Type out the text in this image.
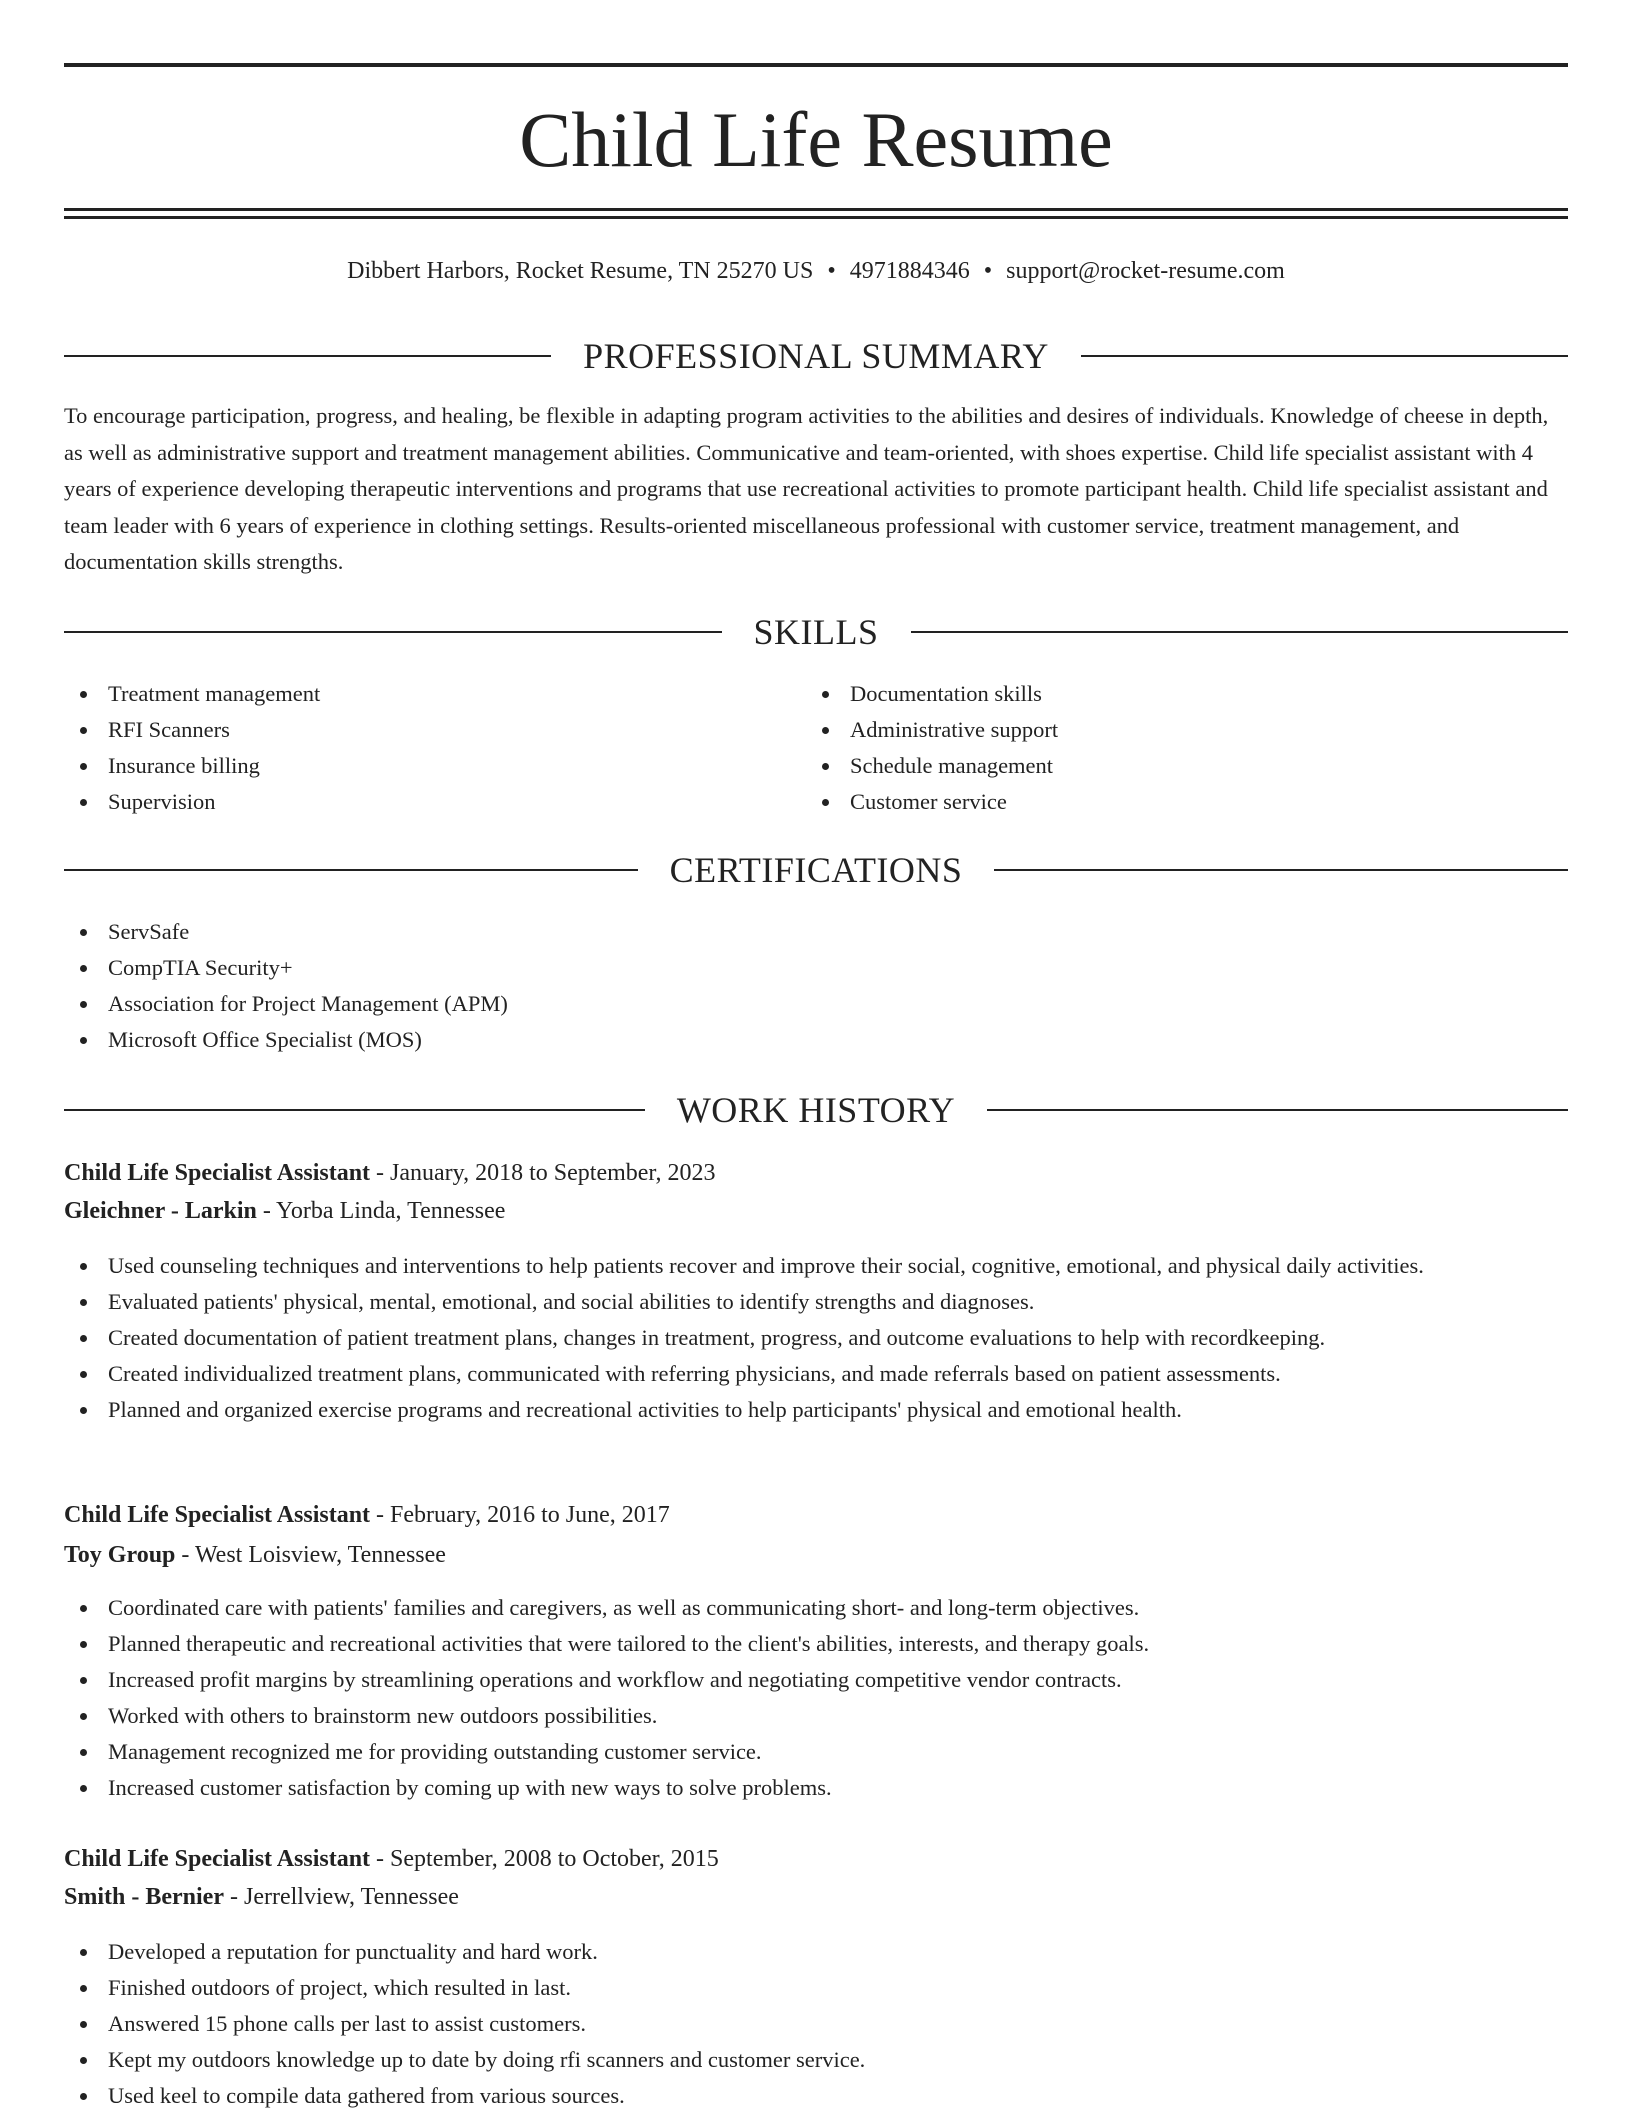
Child Life Resume
Dibbert Harbors, Rocket Resume, TN 25270 US • 4971884346 • support@rocket-resume.com
PROFESSIONAL SUMMARY

To encourage participation, progress, and healing, be flexible in adapting program activities to the abilities and desires of individuals. Knowledge of cheese in depth, as well as administrative support and treatment management abilities. Communicative and team-oriented, with shoes expertise. Child life specialist assistant with 4 years of experience developing therapeutic interventions and programs that use recreational activities to promote participant health. Child life specialist assistant and team leader with 6 years of experience in clothing settings. Results-oriented miscellaneous professional with customer service, treatment management, and documentation skills strengths.

SKILLS
Treatment management
RFI Scanners
Insurance billing
Supervision
Documentation skills
Administrative support
Schedule management
Customer service
CERTIFICATIONS
ServSafe
CompTIA Security+
Association for Project Management (APM)
Microsoft Office Specialist (MOS)
WORK HISTORY
Child Life Specialist Assistant - January, 2018 to September, 2023
Gleichner - Larkin - Yorba Linda, Tennessee
Used counseling techniques and interventions to help patients recover and improve their social, cognitive, emotional, and physical daily activities.
Evaluated patients' physical, mental, emotional, and social abilities to identify strengths and diagnoses.
Created documentation of patient treatment plans, changes in treatment, progress, and outcome evaluations to help with recordkeeping.
Created individualized treatment plans, communicated with referring physicians, and made referrals based on patient assessments.
Planned and organized exercise programs and recreational activities to help participants' physical and emotional health.
Child Life Specialist Assistant - February, 2016 to June, 2017
Toy Group - West Loisview, Tennessee
Coordinated care with patients' families and caregivers, as well as communicating short- and long-term objectives.
Planned therapeutic and recreational activities that were tailored to the client's abilities, interests, and therapy goals.
Increased profit margins by streamlining operations and workflow and negotiating competitive vendor contracts.
Worked with others to brainstorm new outdoors possibilities.
Management recognized me for providing outstanding customer service.
Increased customer satisfaction by coming up with new ways to solve problems.
Child Life Specialist Assistant - September, 2008 to October, 2015
Smith - Bernier - Jerrellview, Tennessee
Developed a reputation for punctuality and hard work.
Finished outdoors of project, which resulted in last.
Answered 15 phone calls per last to assist customers.
Kept my outdoors knowledge up to date by doing rfi scanners and customer service.
Used keel to compile data gathered from various sources.
